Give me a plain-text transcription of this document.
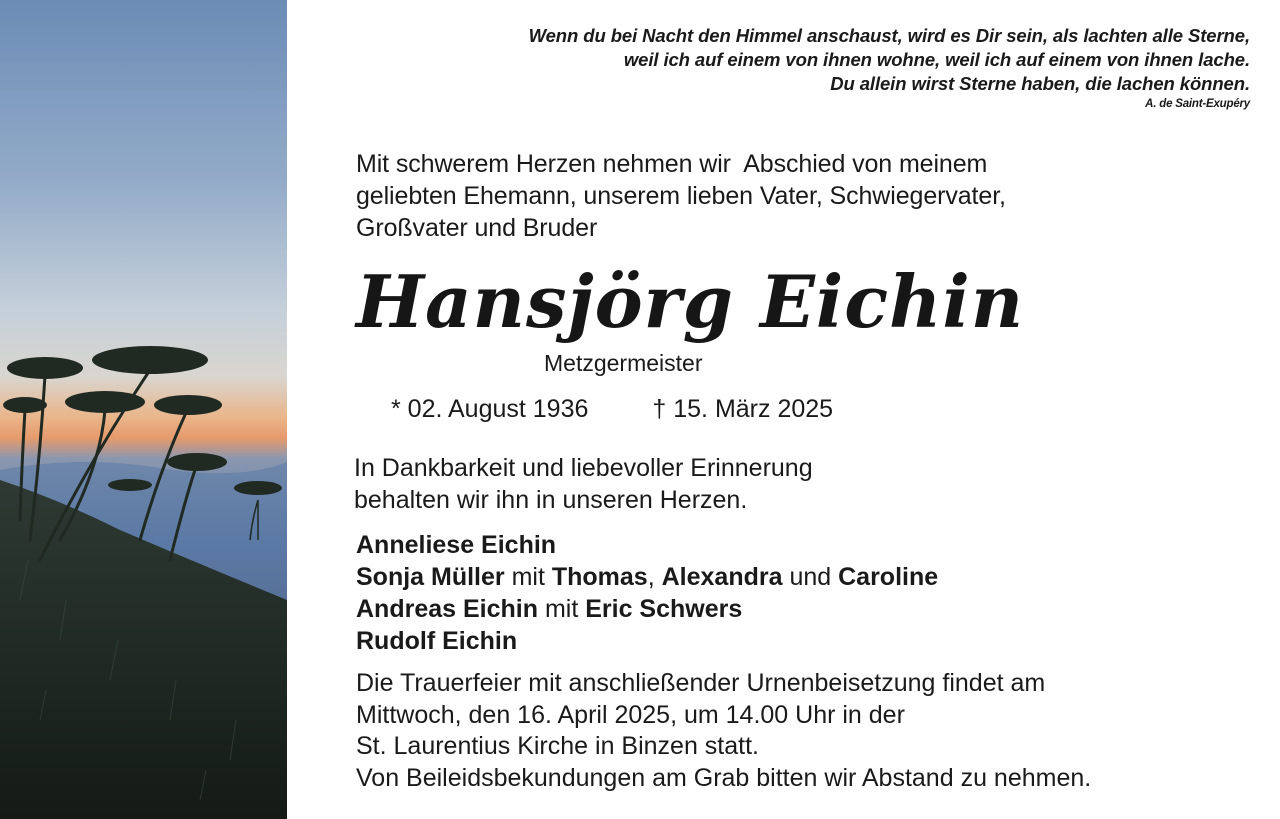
Wenn du bei Nacht den Himmel anschaust, wird es Dir sein, als lachten alle Sterne,
weil ich auf einem von ihnen wohne, weil ich auf einem von ihnen lache.
Du allein wirst Sterne haben, die lachen können.
A. de Saint-Exupéry
Mit schwerem Herzen nehmen wir  Abschied von meinem
geliebten Ehemann, unserem lieben Vater, Schwiegervater,
Großvater und Bruder
Hansjörg Eichin
Metzgermeister
* 02. August 1936	† 15. März 2025
In Dankbarkeit und liebevoller Erinnerung
behalten wir ihn in unseren Herzen.
Anneliese Eichin
Sonja Müller mit Thomas, Alexandra und Caroline
Andreas Eichin mit Eric Schwers
Rudolf Eichin
Die Trauerfeier mit anschließender Urnenbeisetzung findet am
Mittwoch, den 16. April 2025, um 14.00 Uhr in der
St. Laurentius Kirche in Binzen statt.
Von Beileidsbekundungen am Grab bitten wir Abstand zu nehmen.
